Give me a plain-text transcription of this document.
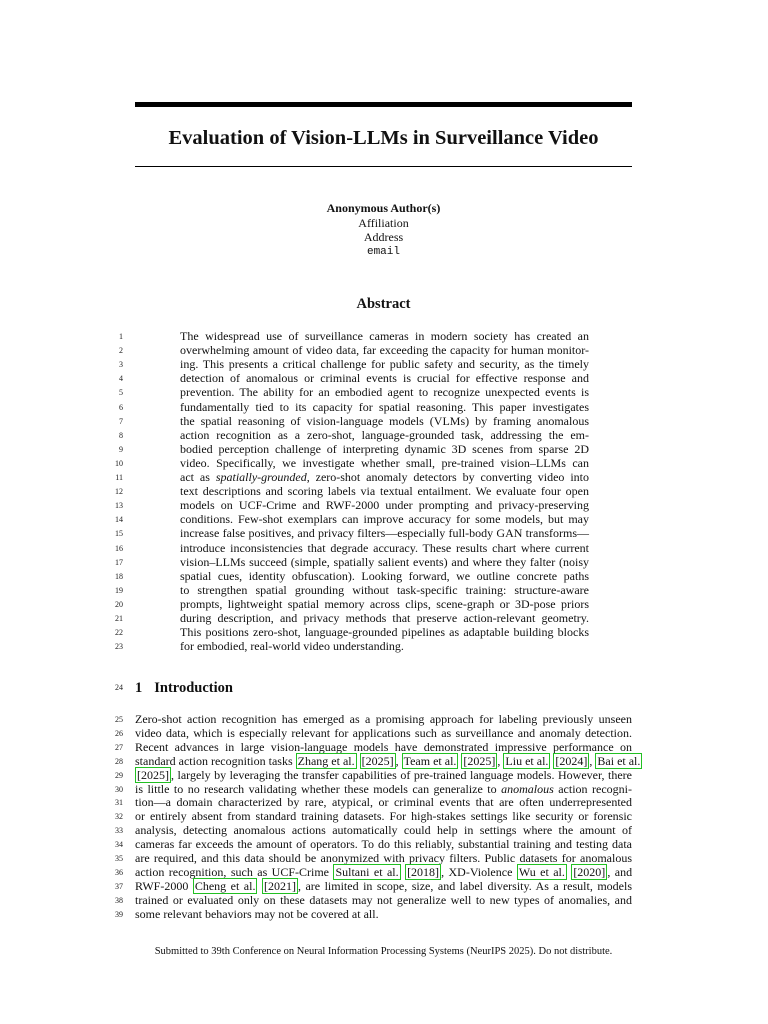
Evaluation of Vision-LLMs in Surveillance Video
Anonymous Author(s)
Affiliation
Address
email
Abstract
1	The widespread use of surveillance cameras in modern society has created an
2	overwhelming amount of video data, far exceeding the capacity for human monitor-
3	ing. This presents a critical challenge for public safety and security, as the timely
4	detection of anomalous or criminal events is crucial for effective response and
5	prevention. The ability for an embodied agent to recognize unexpected events is
6	fundamentally tied to its capacity for spatial reasoning. This paper investigates
7	the spatial reasoning of vision-language models (VLMs) by framing anomalous
8	action recognition as a zero-shot, language-grounded task, addressing the em-
9	bodied perception challenge of interpreting dynamic 3D scenes from sparse 2D
10	video. Specifically, we investigate whether small, pre-trained vision–LLMs can
11	act as spatially-grounded, zero-shot anomaly detectors by converting video into
12	text descriptions and scoring labels via textual entailment. We evaluate four open
13	models on UCF-Crime and RWF-2000 under prompting and privacy-preserving
14	conditions. Few-shot exemplars can improve accuracy for some models, but may
15	increase false positives, and privacy filters—especially full-body GAN transforms—
16	introduce inconsistencies that degrade accuracy. These results chart where current
17	vision–LLMs succeed (simple, spatially salient events) and where they falter (noisy
18	spatial cues, identity obfuscation). Looking forward, we outline concrete paths
19	to strengthen spatial grounding without task-specific training: structure-aware
20	prompts, lightweight spatial memory across clips, scene-graph or 3D-pose priors
21	during description, and privacy methods that preserve action-relevant geometry.
22	This positions zero-shot, language-grounded pipelines as adaptable building blocks
23	for embodied, real-world video understanding.
24 1 Introduction
25 Zero-shot action recognition has emerged as a promising approach for labeling previously unseen
26 video data, which is especially relevant for applications such as surveillance and anomaly detection.
27 Recent advances in large vision-language models have demonstrated impressive performance on
28 standard action recognition tasks Zhang et al. [2025] , Team et al. [2025] , Liu et al. [2024] , Bai et al.
29 [2025] , largely by leveraging the transfer capabilities of pre-trained language models. However, there
30 is little to no research validating whether these models can generalize to anomalous action recogni-
31 tion—a domain characterized by rare, atypical, or criminal events that are often underrepresented
32 or entirely absent from standard training datasets. For high-stakes settings like security or forensic
33 analysis, detecting anomalous actions automatically could help in settings where the amount of
34 cameras far exceeds the amount of operators. To do this reliably, substantial training and testing data
35 are required, and this data should be anonymized with privacy filters. Public datasets for anomalous
36 action recognition, such as UCF-Crime Sultani et al. [2018] , XD-Violence Wu et al. [2020] , and
37 RWF-2000 Cheng et al. [2021] , are limited in scope, size, and label diversity. As a result, models
38 trained or evaluated only on these datasets may not generalize well to new types of anomalies, and
39 some relevant behaviors may not be covered at all.
Submitted to 39th Conference on Neural Information Processing Systems (NeurIPS 2025). Do not distribute.
